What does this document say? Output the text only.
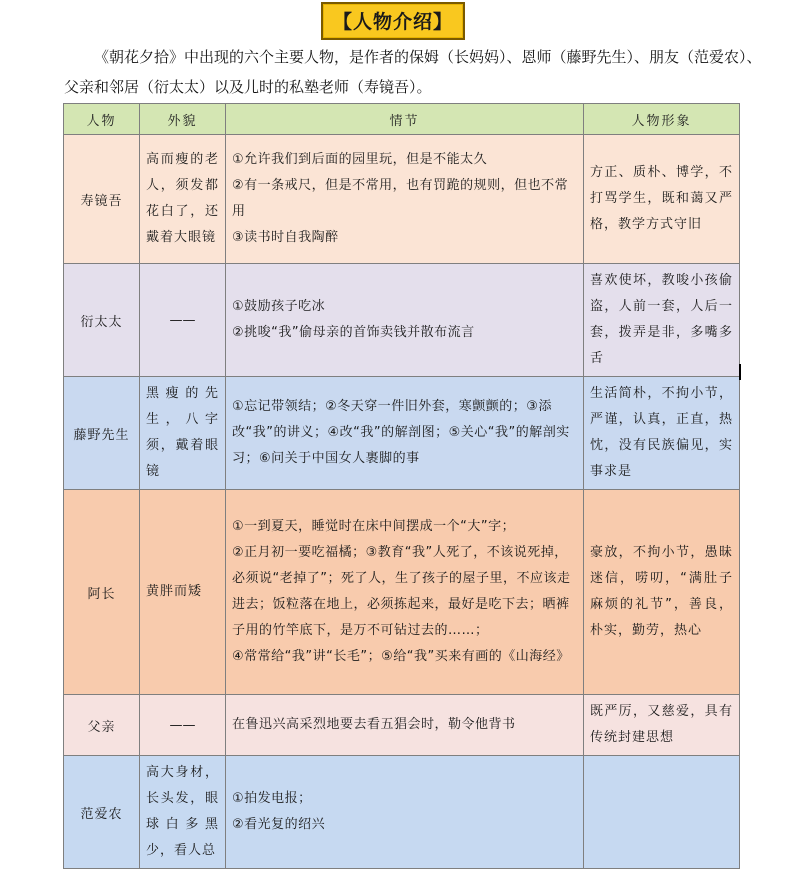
【人物介绍】
《朝花夕拾》中出现的六个主要人物，是作者的保姆（长妈妈）、恩师（藤野先生）、朋友（范爱农）、
父亲和邻居（衍太太）以及儿时的私塾老师（寿镜吾）。
人物	外貌	情节	人物形象
寿镜吾	高而瘦的老人，须发都花白了，还戴着大眼镜	①允许我们到后面的园里玩，但是不能太久
②有一条戒尺，但是不常用，也有罚跪的规则，但也不常用
③读书时自我陶醉	方正、质朴、博学，不打骂学生，既和蔼又严格，教学方式守旧
衍太太	——	①鼓励孩子吃冰
②挑唆“我”偷母亲的首饰卖钱并散布流言	喜欢使坏，教唆小孩偷盗，人前一套，人后一套，拨弄是非，多嘴多舌
藤野先生	黑瘦的先生，八字须，戴着眼镜	①忘记带领结；②冬天穿一件旧外套，寒颤颤的；③添改“我”的讲义；④改“我”的解剖图；⑤关心“我”的解剖实习；⑥问关于中国女人裹脚的事	生活简朴，不拘小节，严谨，认真，正直，热忱，没有民族偏见，实事求是
阿长	黄胖而矮	①一到夏天，睡觉时在床中间摆成一个“大”字；
②正月初一要吃福橘；③教育“我”人死了，不该说死掉，必须说“老掉了”；死了人，生了孩子的屋子里，不应该走进去；饭粒落在地上，必须拣起来，最好是吃下去；晒裤子用的竹竿底下，是万不可钻过去的……；
④常常给“我”讲“长毛”；⑤给“我”买来有画的《山海经》	豪放，不拘小节，愚昧迷信，唠叨，“满肚子麻烦的礼节”，善良，朴实，勤劳，热心
父亲	——	在鲁迅兴高采烈地要去看五猖会时，勒令他背书	既严厉，又慈爱，具有传统封建思想
范爱农	高大身材，长头发，眼球白多黑少，看人总	①拍发电报；
②看光复的绍兴	
